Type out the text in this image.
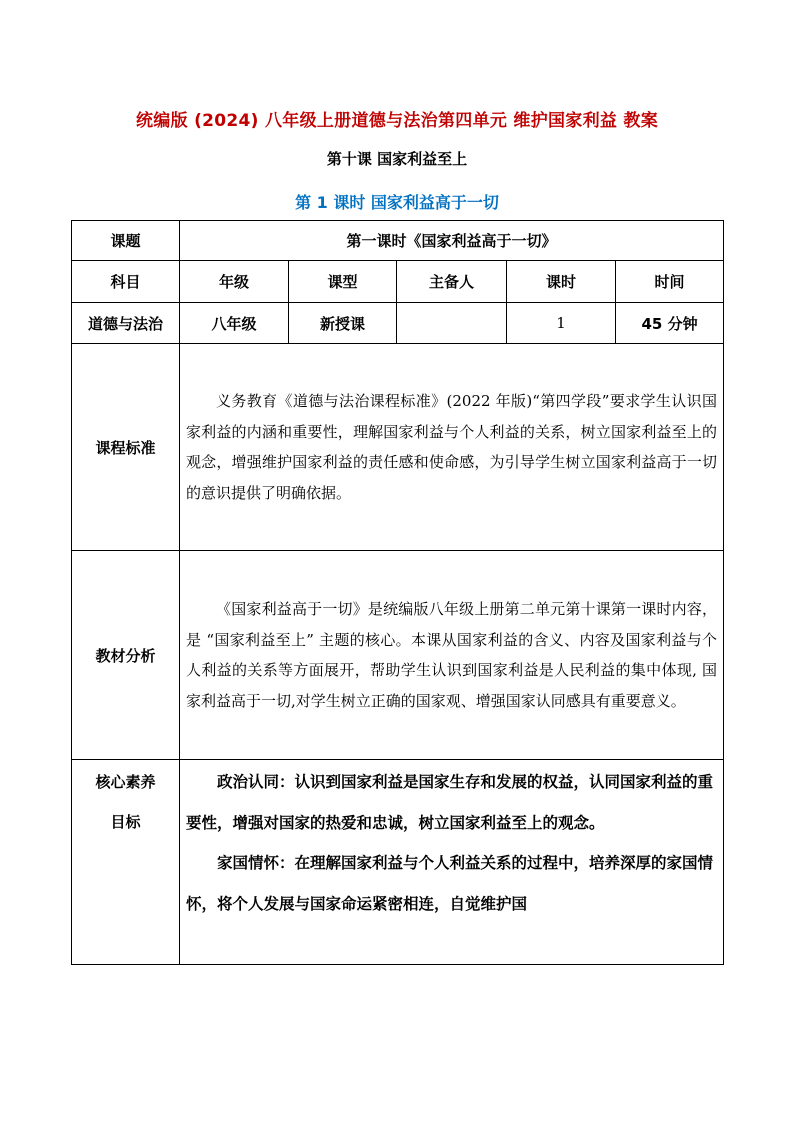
统编版 (2024) 八年级上册道德与法治第四单元 维护国家利益 教案
第十课 国家利益至上
第 1 课时 国家利益高于一切
课题	第一课时《国家利益高于一切》				
科目	年级	课型	主备人	课时	时间
道德与法治	八年级	新授课		1	45 分钟
课程标准	义务教育《道德与法治课程标准》(2022 年版)“第四学段”要求学生认识国家利益的内涵和重要性，理解国家利益与个人利益的关系，树立国家利益至上的观念，增强维护国家利益的责任感和使命感，为引导学生树立国家利益高于一切的意识提供了明确依据。				

教材分析	《国家利益高于一切》是统编版八年级上册第二单元第十课第一课时内容，是 “国家利益至上” 主题的核心。本课从国家利益的含义、内容及国家利益与个人利益的关系等方面展开，帮助学生认识到国家利益是人民利益的集中体现, 国家利益高于一切,对学生树立正确的国家观、增强国家认同感具有重要意义。				

核心素养目标	政治认同：认识到国家利益是国家生存和发展的权益，认同国家利益的重要性，增强对国家的热爱和忠诚，树立国家利益至上的观念。

家国情怀：在理解国家利益与个人利益关系的过程中，培养深厚的家国情怀，将个人发展与国家命运紧密相连，自觉维护国				
